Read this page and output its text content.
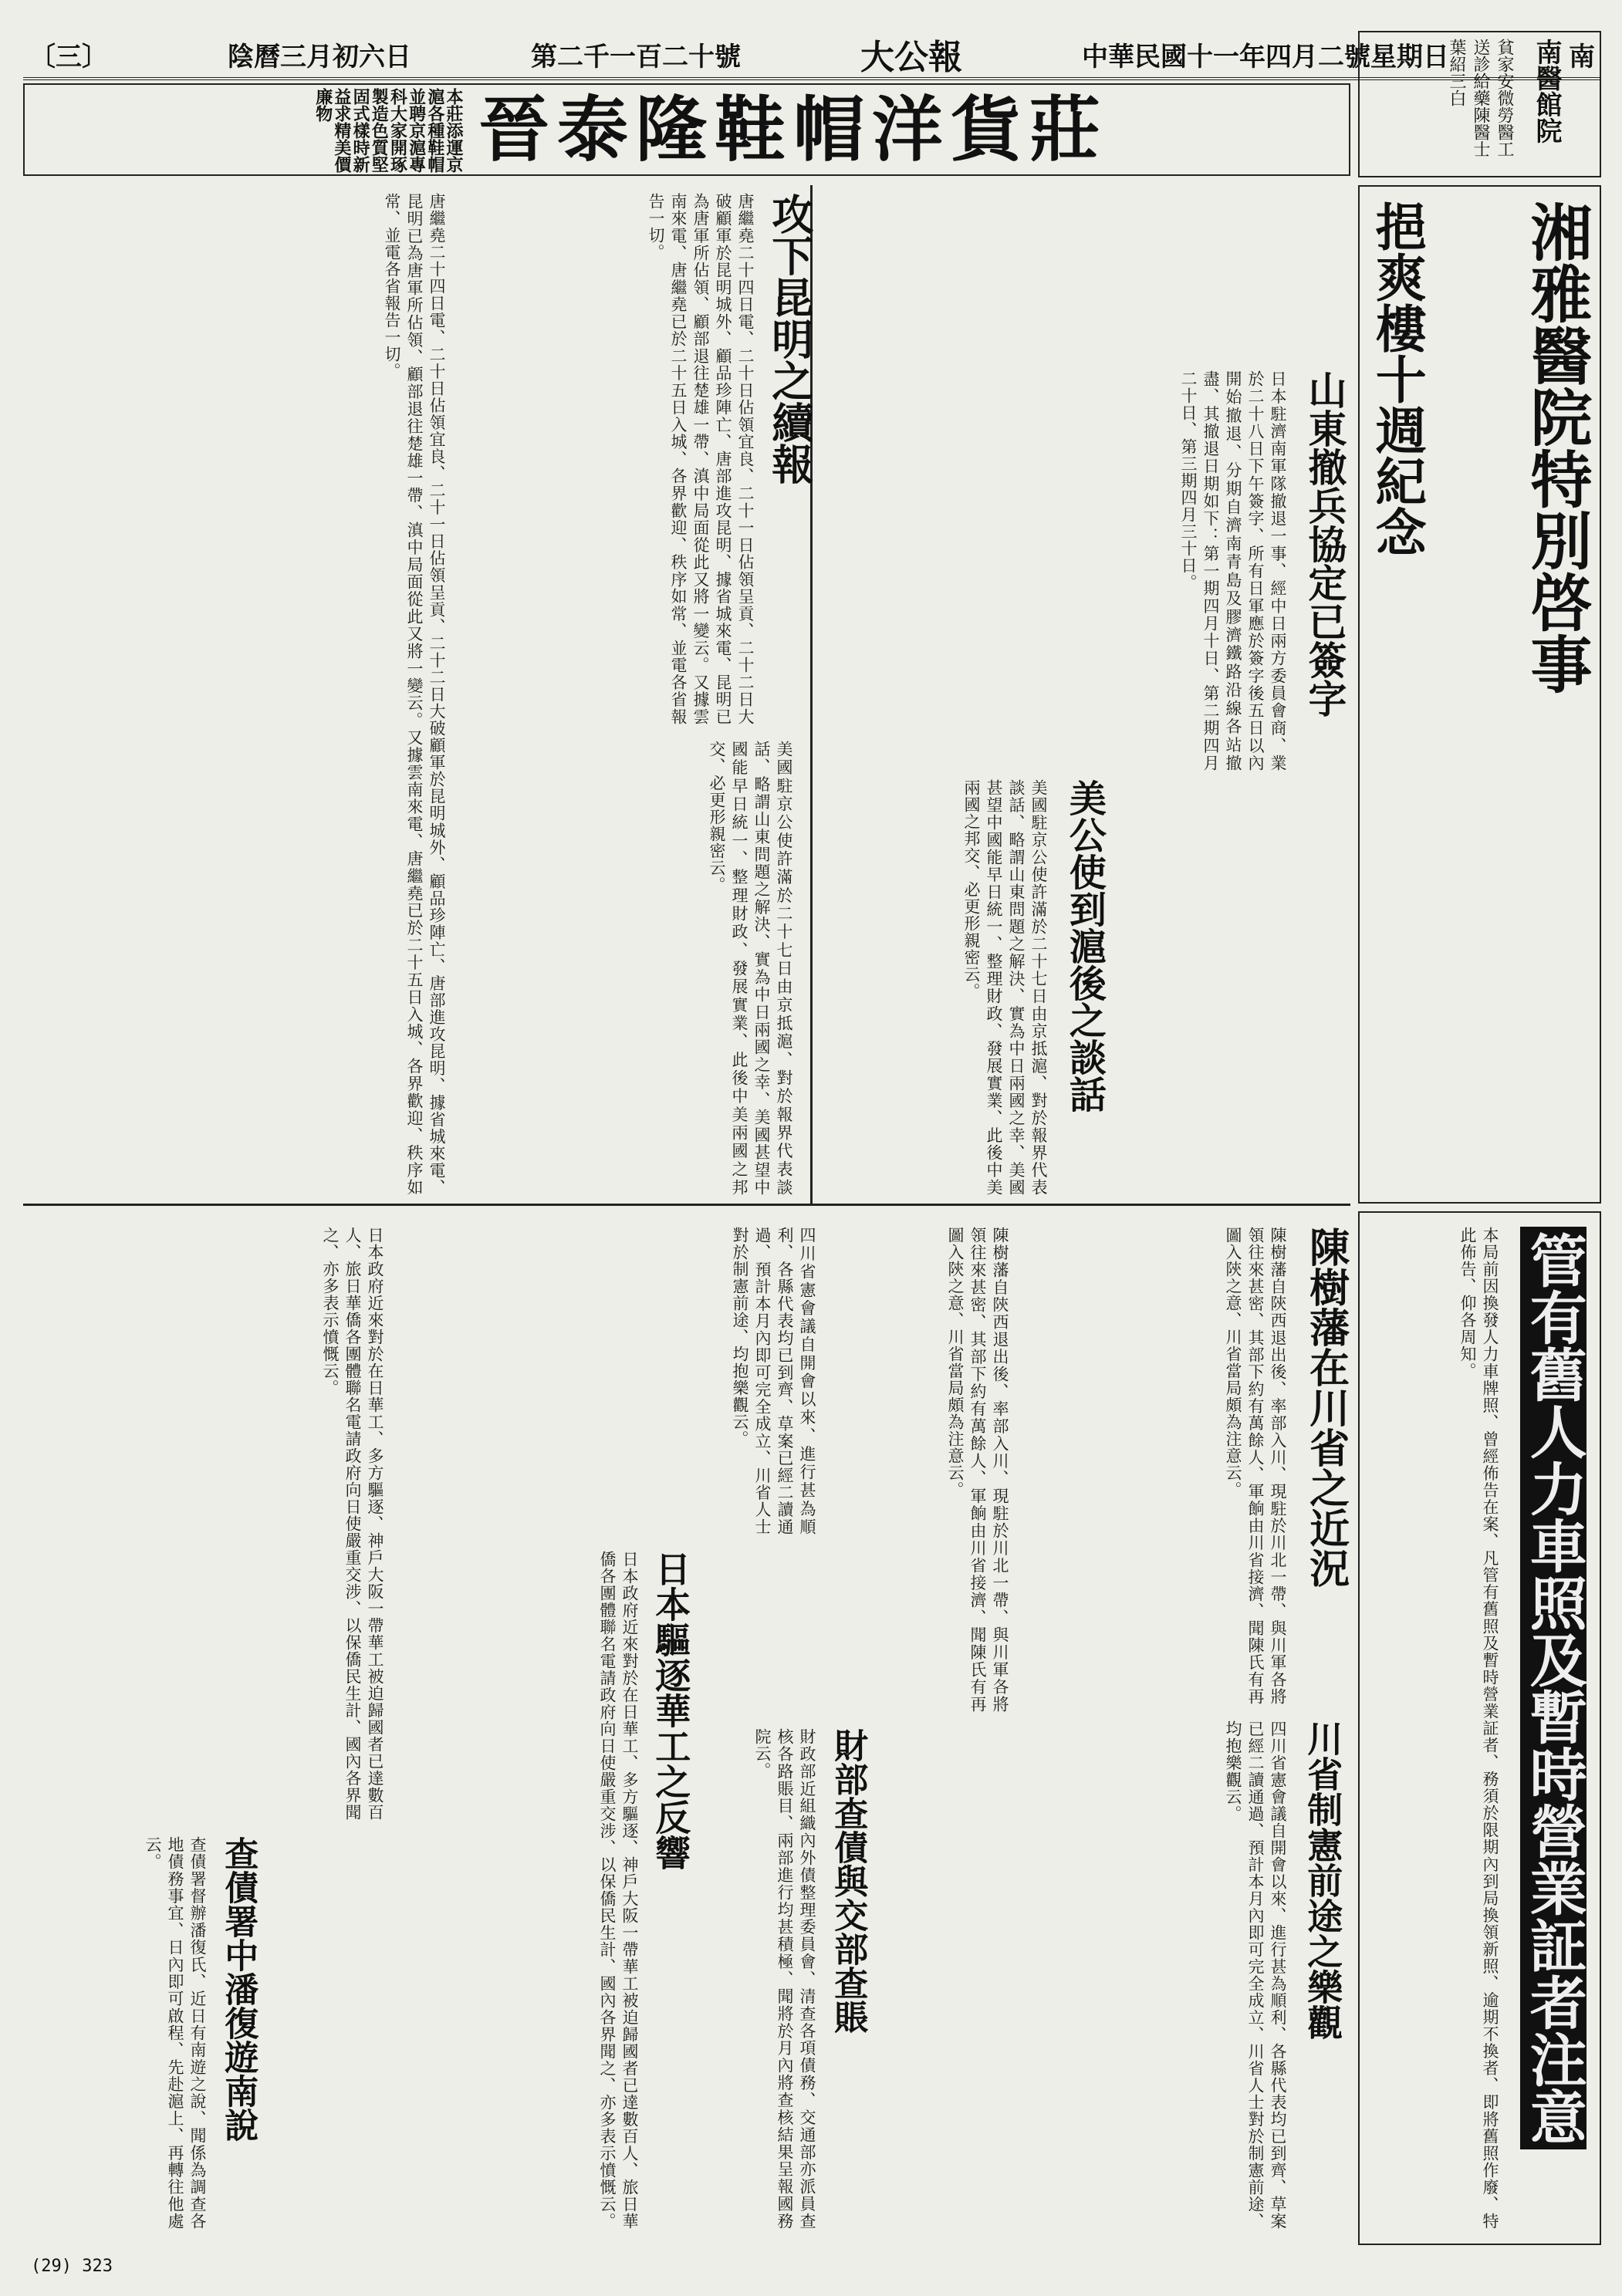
南
中華民國十一年四月二號星期日
大公報
第二千一百二十號
陰曆三月初六日
〔三〕
晉泰隆鞋帽洋貨莊
本莊添運京滬各種鞋帽並聘京滬專科大家開琢製造色質堅固式樣時新益求精美價廉物	南醫館院
貧家安微勞醫工送診給藥陳醫士葉紹三白
湘雅醫院特別啓事
挹爽樓十週紀念
管有舊人力車照及暫時營業証者注意
本局前因換發人力車牌照、曾經佈告在案、凡管有舊照及暫時營業証者、務須於限期內到局換領新照、逾期不換者、即將舊照作廢、特此佈告、仰各周知。
攻下昆明之續報
唐繼堯二十四日電、二十日佔領宜良、二十一日佔領呈貢、二十二日大破顧軍於昆明城外、顧品珍陣亡、唐部進攻昆明、據省城來電、昆明已為唐軍所佔領、顧部退往楚雄一帶、滇中局面從此又將一變云。又據雲南來電、唐繼堯已於二十五日入城、各界歡迎、秩序如常、並電各省報告一切。
山東撤兵協定已簽字
日本駐濟南軍隊撤退一事、經中日兩方委員會商、業於二十八日下午簽字、所有日軍應於簽字後五日以內開始撤退、分期自濟南青島及膠濟鐵路沿線各站撤盡、其撤退日期如下：第一期四月十日、第二期四月二十日、第三期四月三十日。
美公使到滬後之談話
美國駐京公使許滿於二十七日由京抵滬、對於報界代表談話、略謂山東問題之解決、實為中日兩國之幸、美國甚望中國能早日統一、整理財政、發展實業、此後中美兩國之邦交、必更形親密云。
唐繼堯二十四日電、二十日佔領宜良、二十一日佔領呈貢、二十二日大破顧軍於昆明城外、顧品珍陣亡、唐部進攻昆明、據省城來電、昆明已為唐軍所佔領、顧部退往楚雄一帶、滇中局面從此又將一變云。又據雲南來電、唐繼堯已於二十五日入城、各界歡迎、秩序如常、並電各省報告一切。
美國駐京公使許滿於二十七日由京抵滬、對於報界代表談話、略謂山東問題之解決、實為中日兩國之幸、美國甚望中國能早日統一、整理財政、發展實業、此後中美兩國之邦交、必更形親密云。
陳樹藩在川省之近況
陳樹藩自陝西退出後、率部入川、現駐於川北一帶、與川軍各將領往來甚密、其部下約有萬餘人、軍餉由川省接濟、聞陳氏有再圖入陝之意、川省當局頗為注意云。
川省制憲前途之樂觀
四川省憲會議自開會以來、進行甚為順利、各縣代表均已到齊、草案已經二讀通過、預計本月內即可完全成立、川省人士對於制憲前途、均抱樂觀云。
日本驅逐華工之反響
日本政府近來對於在日華工、多方驅逐、神戶大阪一帶華工被迫歸國者已達數百人、旅日華僑各團體聯名電請政府向日使嚴重交涉、以保僑民生計、國內各界聞之、亦多表示憤慨云。	財部查債與交部查賬
財政部近組織內外債整理委員會、清查各項債務、交通部亦派員查核各路賬目、兩部進行均甚積極、聞將於月內將查核結果呈報國務院云。
查債署中潘復遊南說
查債署督辦潘復氏、近日有南遊之說、聞係為調查各地債務事宜、日內即可啟程、先赴滬上、再轉往他處云。
陳樹藩自陝西退出後、率部入川、現駐於川北一帶、與川軍各將領往來甚密、其部下約有萬餘人、軍餉由川省接濟、聞陳氏有再圖入陝之意、川省當局頗為注意云。
日本政府近來對於在日華工、多方驅逐、神戶大阪一帶華工被迫歸國者已達數百人、旅日華僑各團體聯名電請政府向日使嚴重交涉、以保僑民生計、國內各界聞之、亦多表示憤慨云。	四川省憲會議自開會以來、進行甚為順利、各縣代表均已到齊、草案已經二讀通過、預計本月內即可完全成立、川省人士對於制憲前途、均抱樂觀云。
(29) 323
